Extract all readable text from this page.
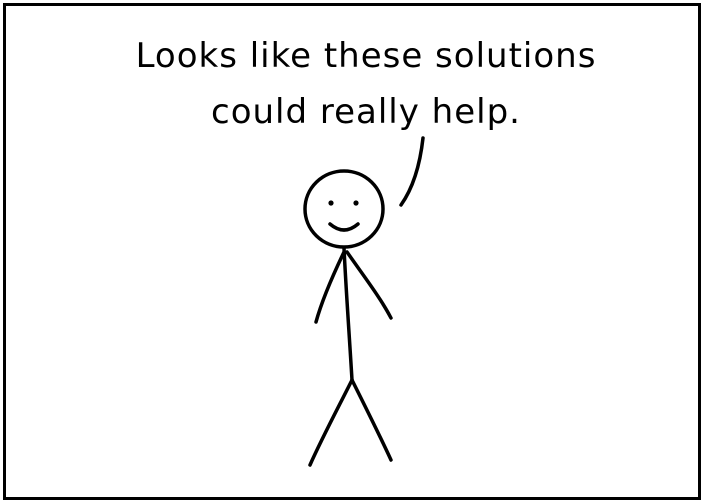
Looks like these solutions
could really help.
